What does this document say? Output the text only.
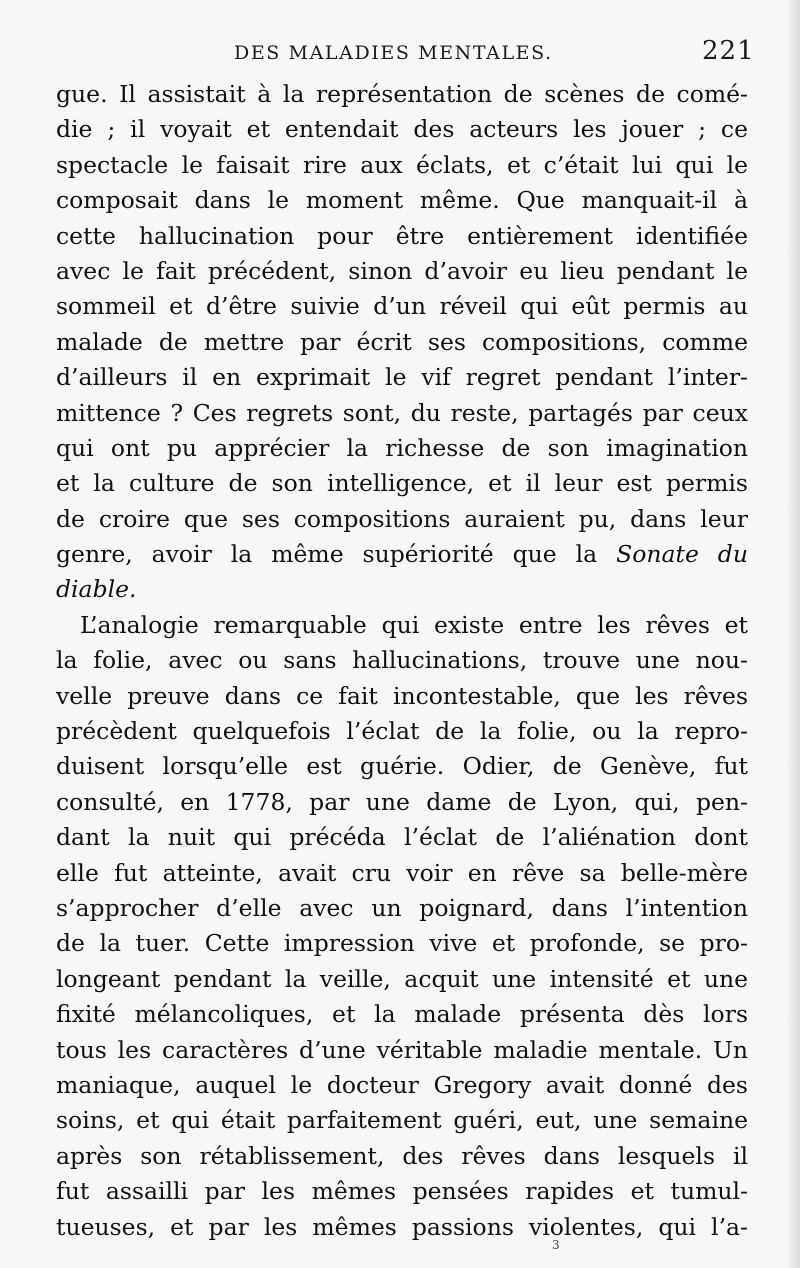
DES MALADIES MENTALES.	221
gue. Il assistait à la représentation de scènes de comé-
die ; il voyait et entendait des acteurs les jouer ; ce
spectacle le faisait rire aux éclats, et c’était lui qui le
composait dans le moment même. Que manquait-il à
cette hallucination pour être entièrement identifiée
avec le fait précédent, sinon d’avoir eu lieu pendant le
sommeil et d’être suivie d’un réveil qui eût permis au
malade de mettre par écrit ses compositions, comme
d’ailleurs il en exprimait le vif regret pendant l’inter-
mittence ? Ces regrets sont, du reste, partagés par ceux
qui ont pu apprécier la richesse de son imagination
et la culture de son intelligence, et il leur est permis
de croire que ses compositions auraient pu, dans leur
genre, avoir la même supériorité que la Sonate du
diable.
L’analogie remarquable qui existe entre les rêves et
la folie, avec ou sans hallucinations, trouve une nou-
velle preuve dans ce fait incontestable, que les rêves
précèdent quelquefois l’éclat de la folie, ou la repro-
duisent lorsqu’elle est guérie. Odier, de Genève, fut
consulté, en 1778, par une dame de Lyon, qui, pen-
dant la nuit qui précéda l’éclat de l’aliénation dont
elle fut atteinte, avait cru voir en rêve sa belle-mère
s’approcher d’elle avec un poignard, dans l’intention
de la tuer. Cette impression vive et profonde, se pro-
longeant pendant la veille, acquit une intensité et une
fixité mélancoliques, et la malade présenta dès lors
tous les caractères d’une véritable maladie mentale. Un
maniaque, auquel le docteur Gregory avait donné des
soins, et qui était parfaitement guéri, eut, une semaine
après son rétablissement, des rêves dans lesquels il
fut assailli par les mêmes pensées rapides et tumul-
tueuses, et par les mêmes passions violentes, qui l’a-
3
